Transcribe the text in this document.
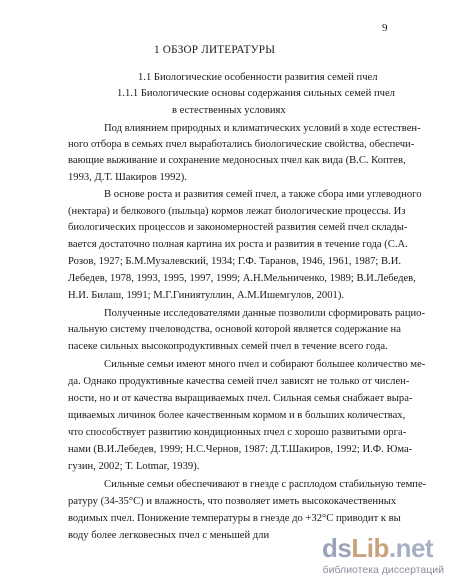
9
1 ОБЗОР ЛИТЕРАТУРЫ
1.1 Биологические особенности развития семей пчел
1.1.1 Биологические основы содержания сильных семей пчел
в естественных условиях
Под влиянием природных и климатических условий в ходе естествен-
ного отбора в семьях пчел выработались биологические свойства, обеспечи-
вающие выживание и сохранение медоносных пчел как вида (В.С. Коптев,
1993, Д.Т. Шакиров 1992).
В основе роста и развития семей пчел, а также сбора ими углеводного
(нектара) и белкового (пыльца) кормов лежат биологические процессы. Из
биологических процессов и закономерностей развития семей пчел склады-
вается достаточно полная картина их роста и развития в течение года (С.А.
Розов, 1927; Б.М.Музалевский, 1934; Г.Ф. Таранов, 1946, 1961, 1987; В.И.
Лебедев, 1978, 1993, 1995, 1997, 1999; А.Н.Мельниченко, 1989; В.И.Лебедев,
Н.И. Билаш, 1991; М.Г.Гиниятуллин, А.М.Ишемгулов, 2001).
Полученные исследователями данные позволили сформировать рацио-
нальную систему пчеловодства, основой которой является содержание на
пасеке сильных высокопродуктивных семей пчел в течение всего года.
Сильные семьи имеют много пчел и собирают большее количество ме-
да. Однако продуктивные качества семей пчел зависят не только от числен-
ности, но и от качества выращиваемых пчел. Сильная семья снабжает выра-
щиваемых личинок более качественным кормом и в больших количествах,
что способствует развитию кондиционных пчел с хорошо развитыми орга-
нами (В.И.Лебедев, 1999; Н.С.Чернов, 1987: Д.Т.Шакиров, 1992; И.Ф. Юма-
гузин, 2002; Т. Lotmar, 1939).
Сильные семьи обеспечивают в гнезде с расплодом стабильную темпе-
ратуру (34-35°С) и влажность, что позволяет иметь высококачественных
водимых пчел. Понижение температуры в гнезде до +32°С приводит к вы
воду более легковесных пчел с меньшей дли dsLib.net
библиотека диссертаций
